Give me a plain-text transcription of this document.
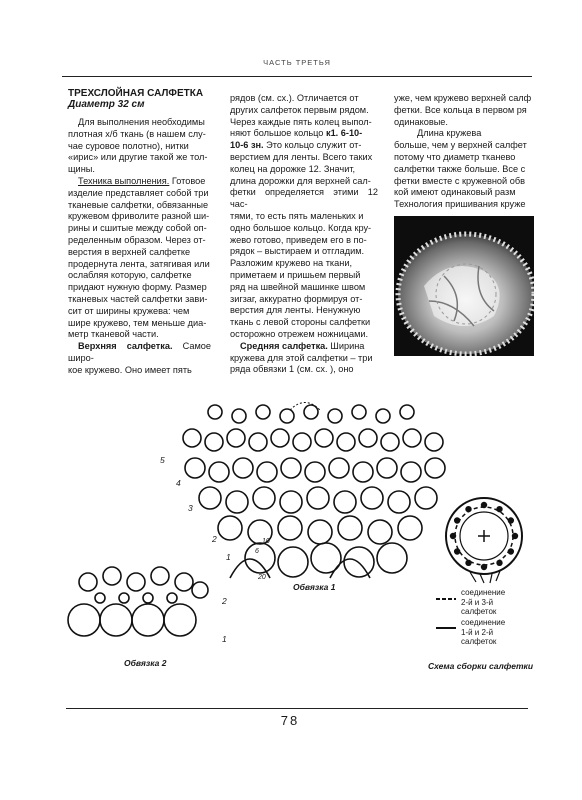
ЧАСТЬ ТРЕТЬЯ

ТРЕХСЛОЙНАЯ САЛФЕТКА

Диаметр 32 см

Для выполнения необходимы

плотная х/б ткань (в нашем слу-

чае суровое полотно), нитки

«ирис» или другие такой же тол-

щины.

Техника выполнения. Готовое

изделие представляет собой три

тканевые салфетки, обвязанные

кружевом фриволите разной ши-

рины и сшитые между собой оп-

ределенным образом. Через от-

верстия в верхней салфетке

продернута лента, затягивая или

ослабляя которую, салфетке

придают нужную форму. Размер

тканевых частей салфетки зави-

сит от ширины кружева: чем

шире кружево, тем меньше диа-

метр тканевой части.

Верхняя салфетка. Самое широ-

кое кружево. Оно имеет пять

рядов (см. сх.). Отличается от

других салфеток первым рядом.

Через каждые пять колец выпол-

няют большое кольцо к1. 6-10-

10-6 зн. Это кольцо служит от-

верстием для ленты. Всего таких

колец на дорожке 12. Значит,

длина дорожки для верхней сал-

фетки определяется этими 12 час-

тями, то есть пять маленьких и

одно большое кольцо. Когда кру-

жево готово, приведем его в по-

рядок – выстираем и отгладим.

Разложим кружево на ткани,

приметаем и пришьем первый

ряд на швейной машинке швом

зигзаг, аккуратно формируя от-

верстия для ленты. Ненужную

ткань с левой стороны салфетки

осторожно отрежем ножницами.

Средняя салфетка. Ширина

кружева для этой салфетки – три

ряда обвязки 1 (см. сх. ), оно

уже, чем кружево верхней салф

фетки. Все кольца в первом ря

одинаковые.

Длина кружева

больше, чем у верхней салфет

потому что диаметр тканево

салфетки также больше. Все с

фетки вместе с кружевной обв

кой имеют одинаковый разм

Технология пришивания круже

5
4
3
2
1
6
10
20
Обвязка 1
2
1
Обвязка 2
соединение
2-й и 3-й
салфеток
соединение
1-й и 2-й
салфеток
Схема сборки салфетки
78
